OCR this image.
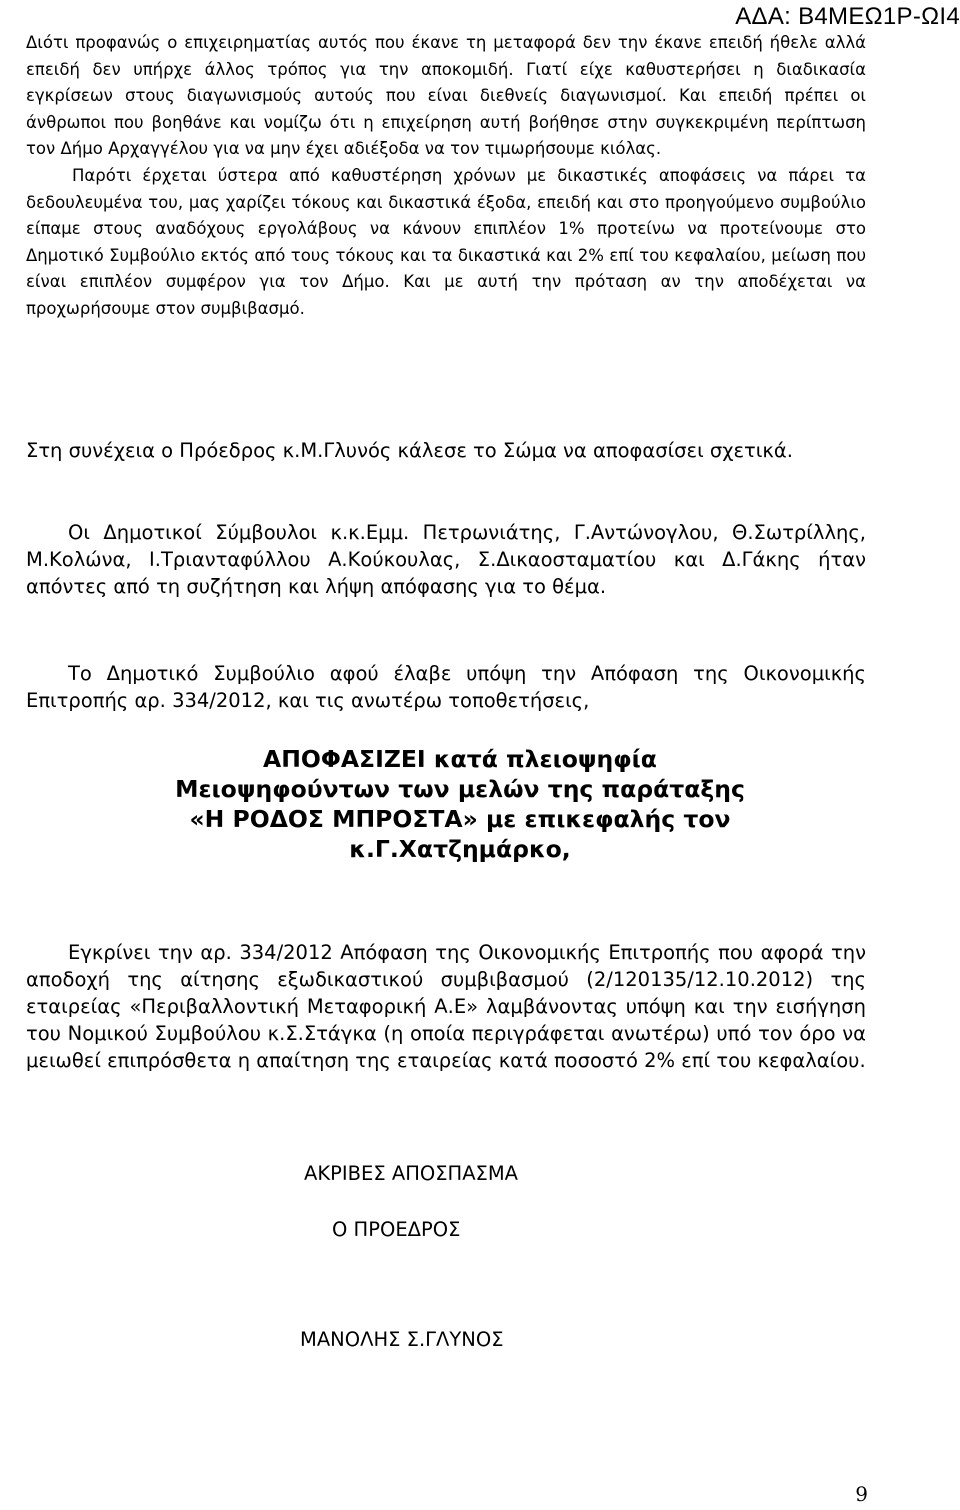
ΑΔΑ: Β4ΜΕΩ1Ρ-ΩΙ4

Διότι προφανώς ο επιχειρηματίας αυτός που έκανε τη μεταφορά δεν την έκανε επειδή ήθελε αλλά επειδή δεν υπήρχε άλλος τρόπος για την αποκομιδή. Γιατί είχε καθυστερήσει η διαδικασία εγκρίσεων στους διαγωνισμούς αυτούς που είναι διεθνείς διαγωνισμοί. Και επειδή πρέπει οι άνθρωποι που βοηθάνε και νομίζω ότι η επιχείρηση αυτή βοήθησε στην συγκεκριμένη περίπτωση τον Δήμο Αρχαγγέλου για να μην έχει αδιέξοδα να τον τιμωρήσουμε κιόλας.

Παρότι έρχεται ύστερα από καθυστέρηση χρόνων με δικαστικές αποφάσεις να πάρει τα δεδουλευμένα του, μας χαρίζει τόκους και δικαστικά έξοδα, επειδή και στο προηγούμενο συμβούλιο είπαμε στους αναδόχους εργολάβους να κάνουν επιπλέον 1% προτείνω να προτείνουμε στο Δημοτικό Συμβούλιο εκτός από τους τόκους και τα δικαστικά και 2% επί του κεφαλαίου, μείωση που είναι επιπλέον συμφέρον για τον Δήμο. Και με αυτή την πρόταση αν την αποδέχεται να προχωρήσουμε στον συμβιβασμό.

Στη συνέχεια ο Πρόεδρος κ.Μ.Γλυνός κάλεσε το Σώμα να αποφασίσει σχετικά.

Οι Δημοτικοί Σύμβουλοι κ.κ.Εμμ. Πετρωνιάτης, Γ.Αντώνογλου, Θ.Σωτρίλλης, Μ.Κολώνα, Ι.Τριανταφύλλου Α.Κούκουλας, Σ.Δικαοσταματίου και Δ.Γάκης ήταν απόντες από τη συζήτηση και λήψη απόφασης για το θέμα.

Το Δημοτικό Συμβούλιο αφού έλαβε υπόψη την Απόφαση της Οικονομικής Επιτροπής αρ. 334/2012, και τις ανωτέρω τοποθετήσεις,

ΑΠΟΦΑΣΙΖΕΙ κατά πλειοψηφία
Μειοψηφούντων των μελών της παράταξης
«Η ΡΟΔΟΣ ΜΠΡΟΣΤΑ» με επικεφαλής τον
κ.Γ.Χατζημάρκο,

Εγκρίνει την αρ. 334/2012 Απόφαση της Οικονομικής Επιτροπής που αφορά την αποδοχή της αίτησης εξωδικαστικού συμβιβασμού (2/120135/12.10.2012) της εταιρείας «Περιβαλλοντική Μεταφορική Α.Ε» λαμβάνοντας υπόψη και την εισήγηση του Νομικού Συμβούλου κ.Σ.Στάγκα (η οποία περιγράφεται ανωτέρω) υπό τον όρο να μειωθεί επιπρόσθετα η απαίτηση της εταιρείας κατά ποσοστό 2% επί του κεφαλαίου.

ΑΚΡΙΒΕΣ ΑΠΟΣΠΑΣΜΑ
Ο ΠΡΟΕΔΡΟΣ
ΜΑΝΟΛΗΣ Σ.ΓΛΥΝΟΣ
9
